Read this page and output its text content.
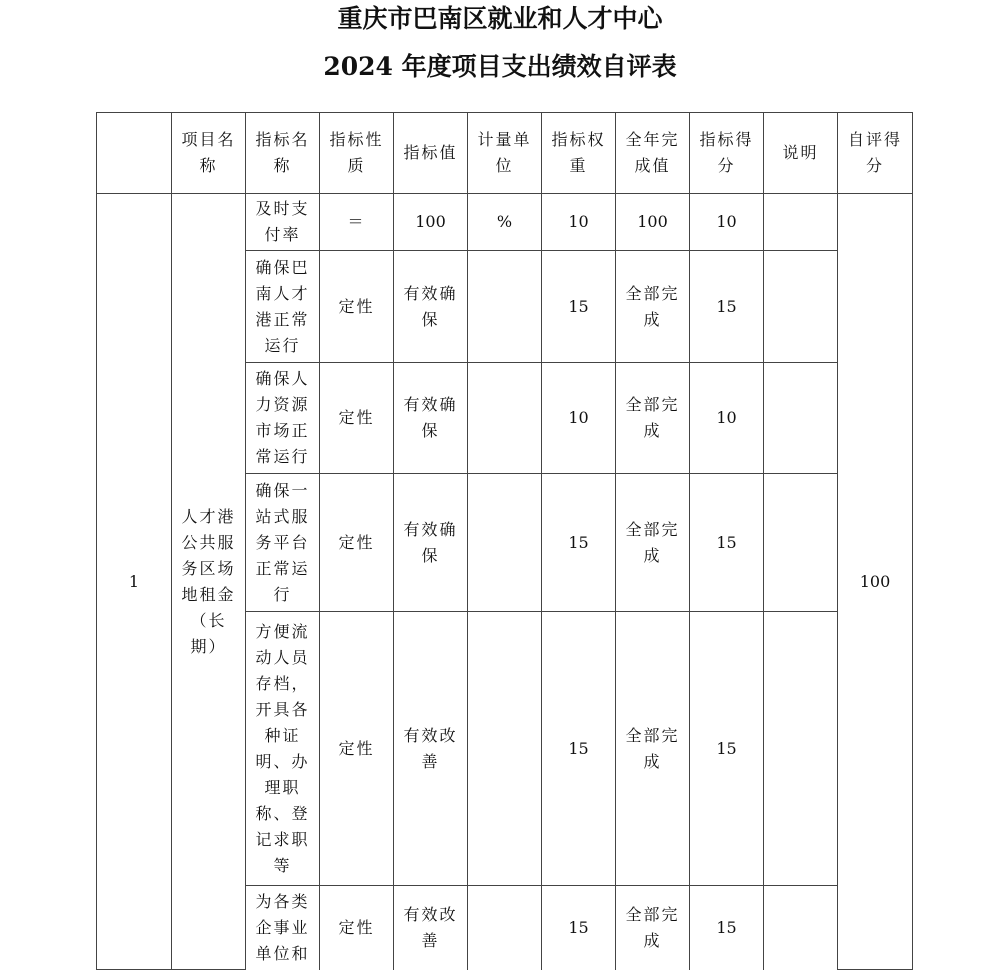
重庆市巴南区就业和人才中心
2024 年度项目支出绩效自评表
	项目名称	指标名称	指标性质	指标值	计量单位	指标权重	全年完成值	指标得分	说明	自评得分
1	人才港公共服务区场地租金（长期）	及时支付率	＝	100	%	10	100	10		100
		确保巴南人才港正常运行	定性	有效确保		15	全部完成	15		
		确保人力资源市场正常运行	定性	有效确保		10	全部完成	10		
		确保一站式服务平台正常运行	定性	有效确保		15	全部完成	15		
		方便流动人员存档，开具各种证明、办理职称、登记求职等	定性	有效改善		15	全部完成	15		
		为各类企事业单位和	定性	有效改善		15	全部完成	15		
